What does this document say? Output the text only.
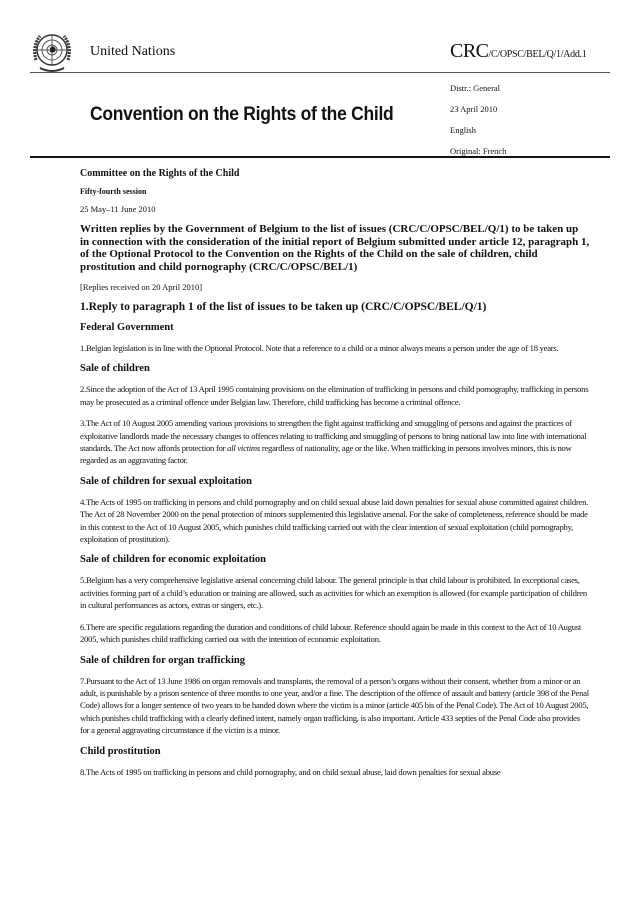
United Nations	CRC/C/OPSC/BEL/Q/1/Add.1
Convention on the Rights of the Child
Distr.: General
23 April 2010
English
Original: French
Committee on the Rights of the Child
Fifty-fourth session
25 May–11 June 2010
Written replies by the Government of Belgium to the list of issues (CRC/C/OPSC/BEL/Q/1) to be taken up in connection with the consideration of the initial report of Belgium submitted under article 12, paragraph 1, of the Optional Protocol to the Convention on the Rights of the Child on the sale of children, child prostitution and child pornography (CRC/C/OPSC/BEL/1)
[Replies received on 20 April 2010]
1.Reply to paragraph 1 of the list of issues to be taken up (CRC/C/OPSC/BEL/Q/1)
Federal Government

1.Belgian legislation is in line with the Optional Protocol. Note that a reference to a child or a minor always means a person under the age of 18 years.

Sale of children

2.Since the adoption of the Act of 13 April 1995 containing provisions on the elimination of trafficking in persons and child pornography, trafficking in persons may be prosecuted as a criminal offence under Belgian law. Therefore, child trafficking has become a criminal offence.

3.The Act of 10 August 2005 amending various provisions to strengthen the fight against trafficking and smuggling of persons and against the practices of exploitative landlords made the necessary changes to offences relating to trafficking and smuggling of persons to bring national law into line with international standards. The Act now affords protection for all victims regardless of nationality, age or the like. When trafficking in persons involves minors, this is now regarded as an aggravating factor.

Sale of children for sexual exploitation

4.The Acts of 1995 on trafficking in persons and child pornography and on child sexual abuse laid down penalties for sexual abuse committed against children. The Act of 28 November 2000 on the penal protection of minors supplemented this legislative arsenal. For the sake of completeness, reference should be made in this context to the Act of 10 August 2005, which punishes child trafficking carried out with the clear intention of sexual exploitation (child pornography, exploitation of prostitution).

Sale of children for economic exploitation

5.Belgium has a very comprehensive legislative arsenal concerning child labour. The general principle is that child labour is prohibited. In exceptional cases, activities forming part of a child’s education or training are allowed, such as activities for which an exemption is allowed (for example participation of children in cultural performances as actors, extras or singers, etc.).

6.There are specific regulations regarding the duration and conditions of child labour. Reference should again be made in this context to the Act of 10 August 2005, which punishes child trafficking carried out with the intention of economic exploitation.

Sale of children for organ trafficking

7.Pursuant to the Act of 13 June 1986 on organ removals and transplants, the removal of a person’s organs without their consent, whether from a minor or an adult, is punishable by a prison sentence of three months to one year, and/or a fine. The description of the offence of assault and battery (article 398 of the Penal Code) allows for a longer sentence of two years to be handed down where the victim is a minor (article 405 bis of the Penal Code). The Act of 10 August 2005, which punishes child trafficking with a clearly defined intent, namely organ trafficking, is also important. Article 433 septies of the Penal Code also provides for a general aggravating circumstance if the victim is a minor.

Child prostitution

8.The Acts of 1995 on trafficking in persons and child pornography, and on child sexual abuse, laid down penalties for sexual abuse
